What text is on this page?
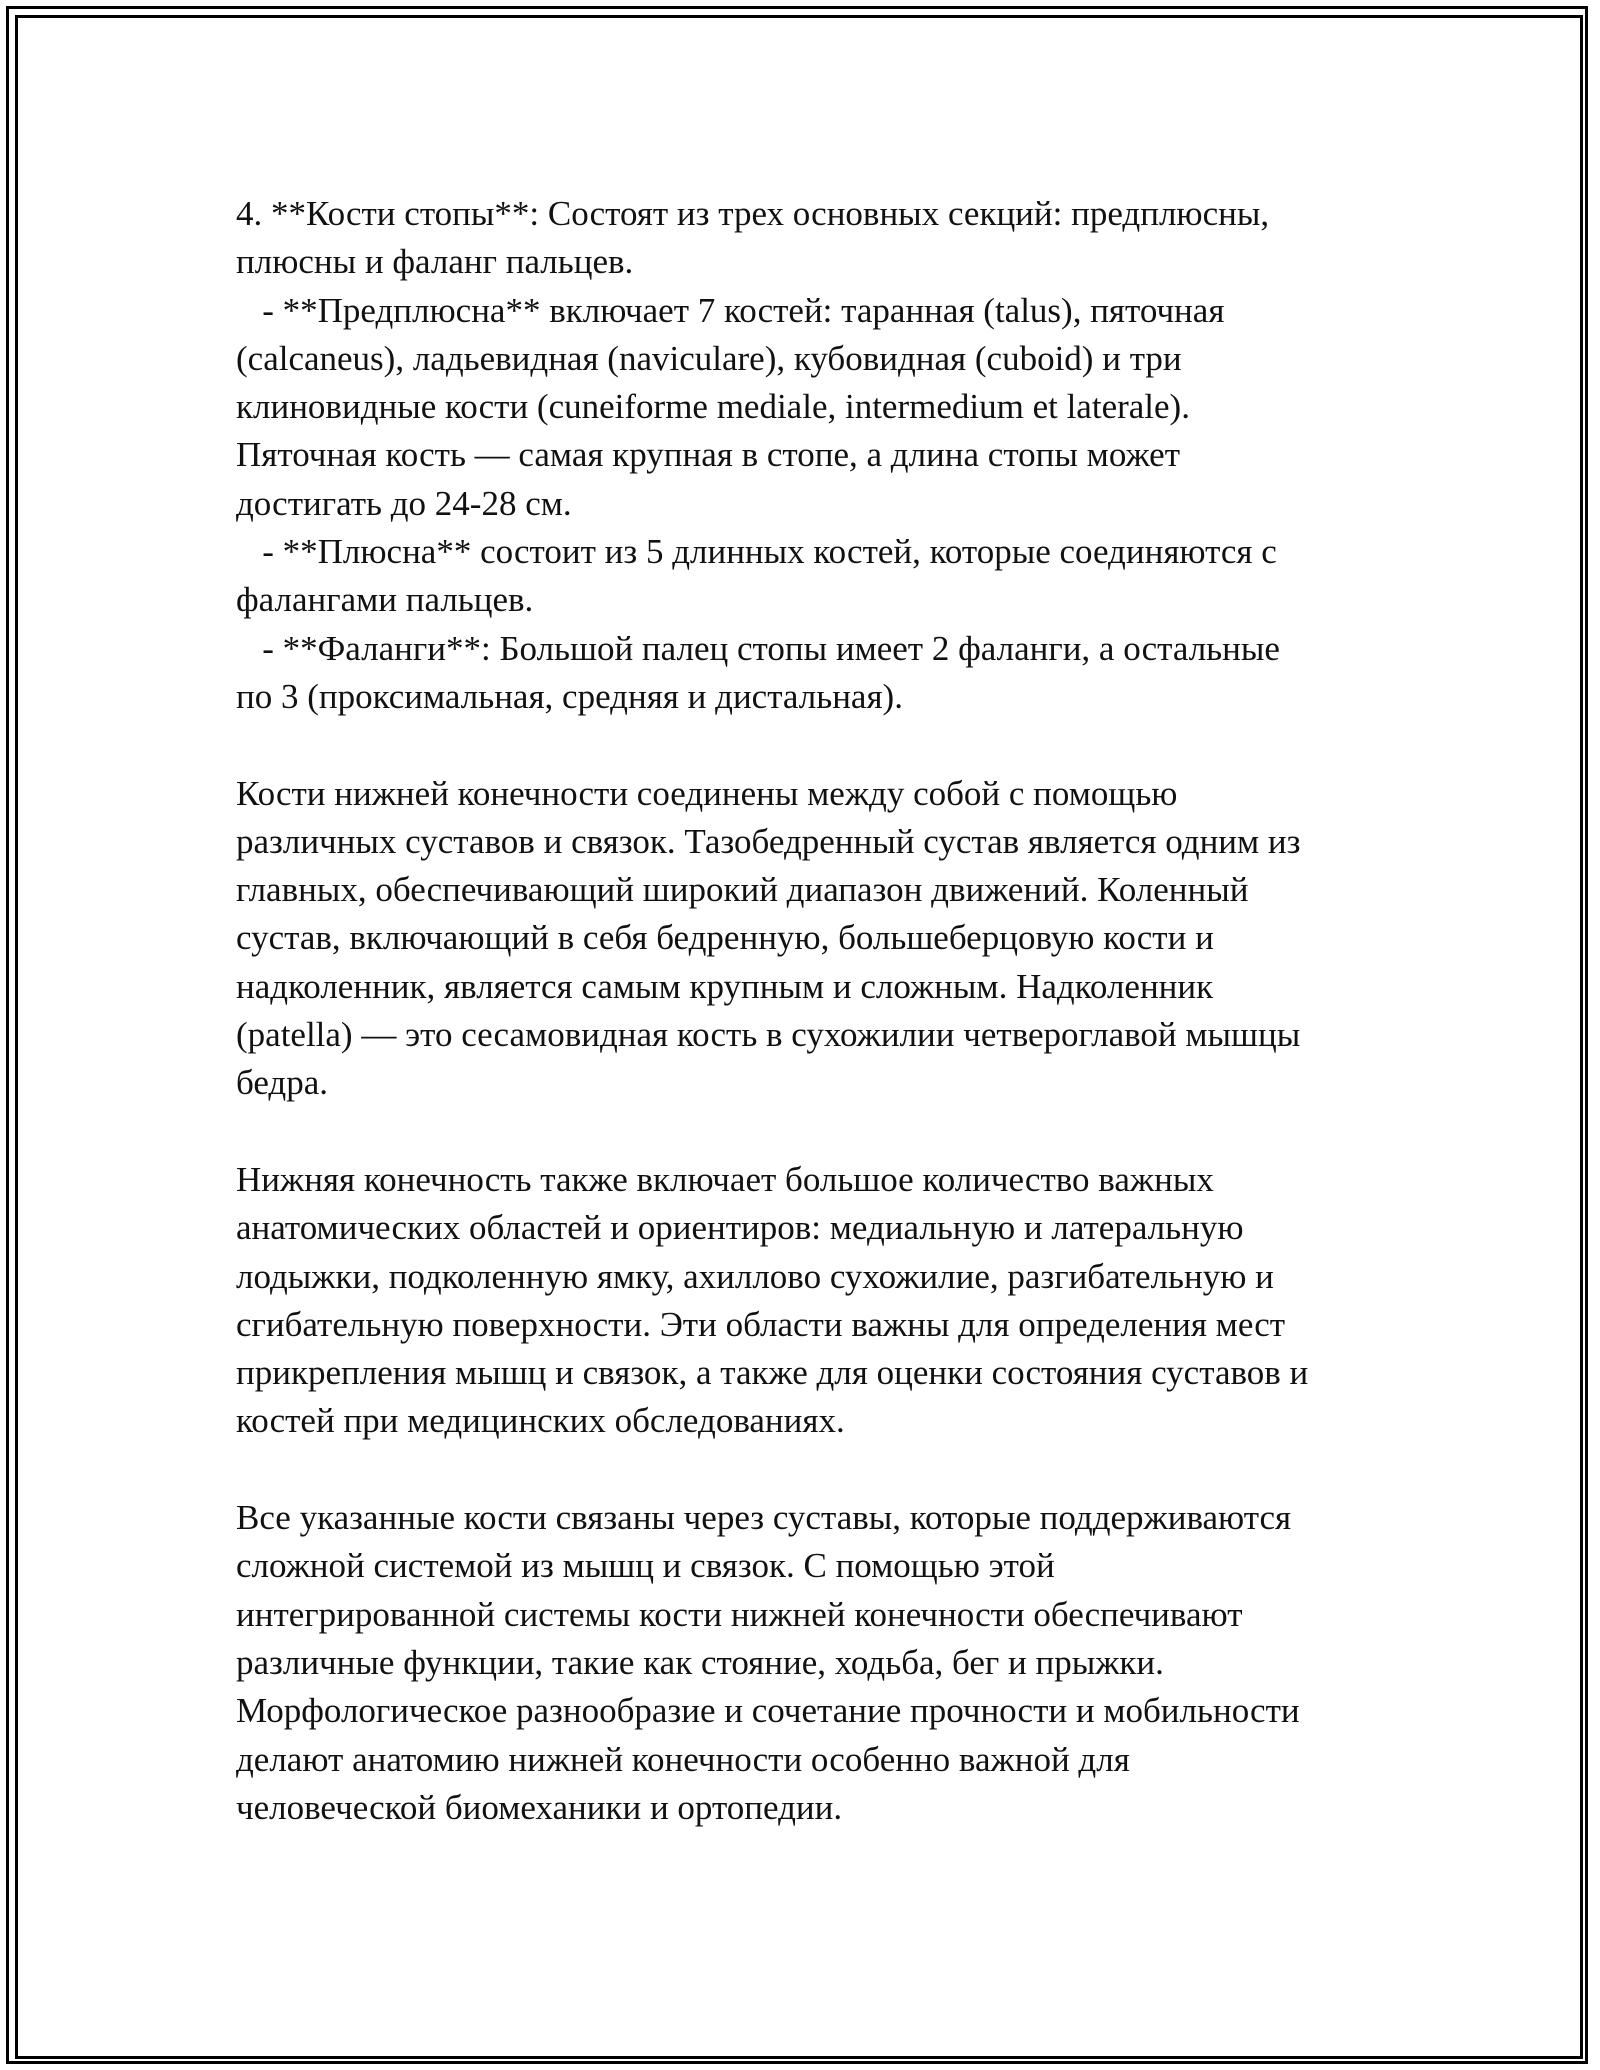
4. **Кости стопы**: Состоят из трех основных секций: предплюсны,
плюсны и фаланг пальцев.
- **Предплюсна** включает 7 костей: таранная (talus), пяточная
(calcaneus), ладьевидная (naviculare), кубовидная (cuboid) и три
клиновидные кости (cuneiforme mediale, intermedium et laterale).
Пяточная кость — самая крупная в стопе, а длина стопы может
достигать до 24-28 см.
- **Плюсна** состоит из 5 длинных костей, которые соединяются с
фалангами пальцев.
- **Фаланги**: Большой палец стопы имеет 2 фаланги, а остальные
по 3 (проксимальная, средняя и дистальная).
Кости нижней конечности соединены между собой с помощью
различных суставов и связок. Тазобедренный сустав является одним из
главных, обеспечивающий широкий диапазон движений. Коленный
сустав, включающий в себя бедренную, большеберцовую кости и
надколенник, является самым крупным и сложным. Надколенник
(patella) — это сесамовидная кость в сухожилии четвероглавой мышцы
бедра.
Нижняя конечность также включает большое количество важных
анатомических областей и ориентиров: медиальную и латеральную
лодыжки, подколенную ямку, ахиллово сухожилие, разгибательную и
сгибательную поверхности. Эти области важны для определения мест
прикрепления мышц и связок, а также для оценки состояния суставов и
костей при медицинских обследованиях.
Все указанные кости связаны через суставы, которые поддерживаются
сложной системой из мышц и связок. С помощью этой
интегрированной системы кости нижней конечности обеспечивают
различные функции, такие как стояние, ходьба, бег и прыжки.
Морфологическое разнообразие и сочетание прочности и мобильности
делают анатомию нижней конечности особенно важной для
человеческой биомеханики и ортопедии.
